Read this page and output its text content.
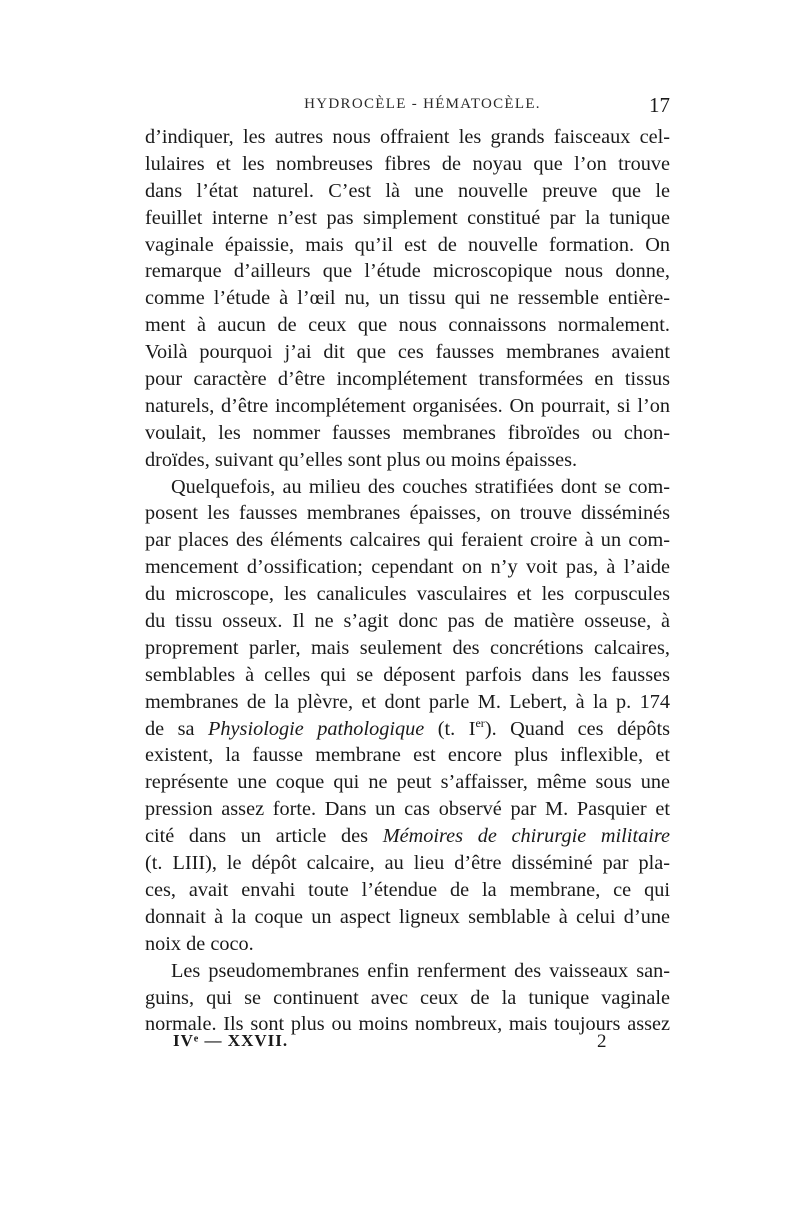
HYDROCÈLE - HÉMATOCÈLE.	17
d’indiquer, les autres nous offraient les grands faisceaux cel-
lulaires et les nombreuses fibres de noyau que l’on trouve
dans l’état naturel. C’est là une nouvelle preuve que le
feuillet interne n’est pas simplement constitué par la tunique
vaginale épaissie, mais qu’il est de nouvelle formation. On
remarque d’ailleurs que l’étude microscopique nous donne,
comme l’étude à l’œil nu, un tissu qui ne ressemble entière-
ment à aucun de ceux que nous connaissons normalement.
Voilà pourquoi j’ai dit que ces fausses membranes avaient
pour caractère d’être incomplétement transformées en tissus
naturels, d’être incomplétement organisées. On pourrait, si l’on
voulait, les nommer fausses membranes fibroïdes ou chon-
droïdes, suivant qu’elles sont plus ou moins épaisses.
Quelquefois, au milieu des couches stratifiées dont se com-
posent les fausses membranes épaisses, on trouve disséminés
par places des éléments calcaires qui feraient croire à un com-
mencement d’ossification; cependant on n’y voit pas, à l’aide
du microscope, les canalicules vasculaires et les corpuscules
du tissu osseux. Il ne s’agit donc pas de matière osseuse, à
proprement parler, mais seulement des concrétions calcaires,
semblables à celles qui se déposent parfois dans les fausses
membranes de la plèvre, et dont parle M. Lebert, à la p. 174
de sa Physiologie pathologique (t. Ier). Quand ces dépôts
existent, la fausse membrane est encore plus inflexible, et
représente une coque qui ne peut s’affaisser, même sous une
pression assez forte. Dans un cas observé par M. Pasquier et
cité dans un article des Mémoires de chirurgie militaire
(t. LIII), le dépôt calcaire, au lieu d’être disséminé par pla-
ces, avait envahi toute l’étendue de la membrane, ce qui
donnait à la coque un aspect ligneux semblable à celui d’une
noix de coco.
Les pseudomembranes enfin renferment des vaisseaux san-
guins, qui se continuent avec ceux de la tunique vaginale
normale. Ils sont plus ou moins nombreux, mais toujours assez
IVᵉ — XXVII.	2
